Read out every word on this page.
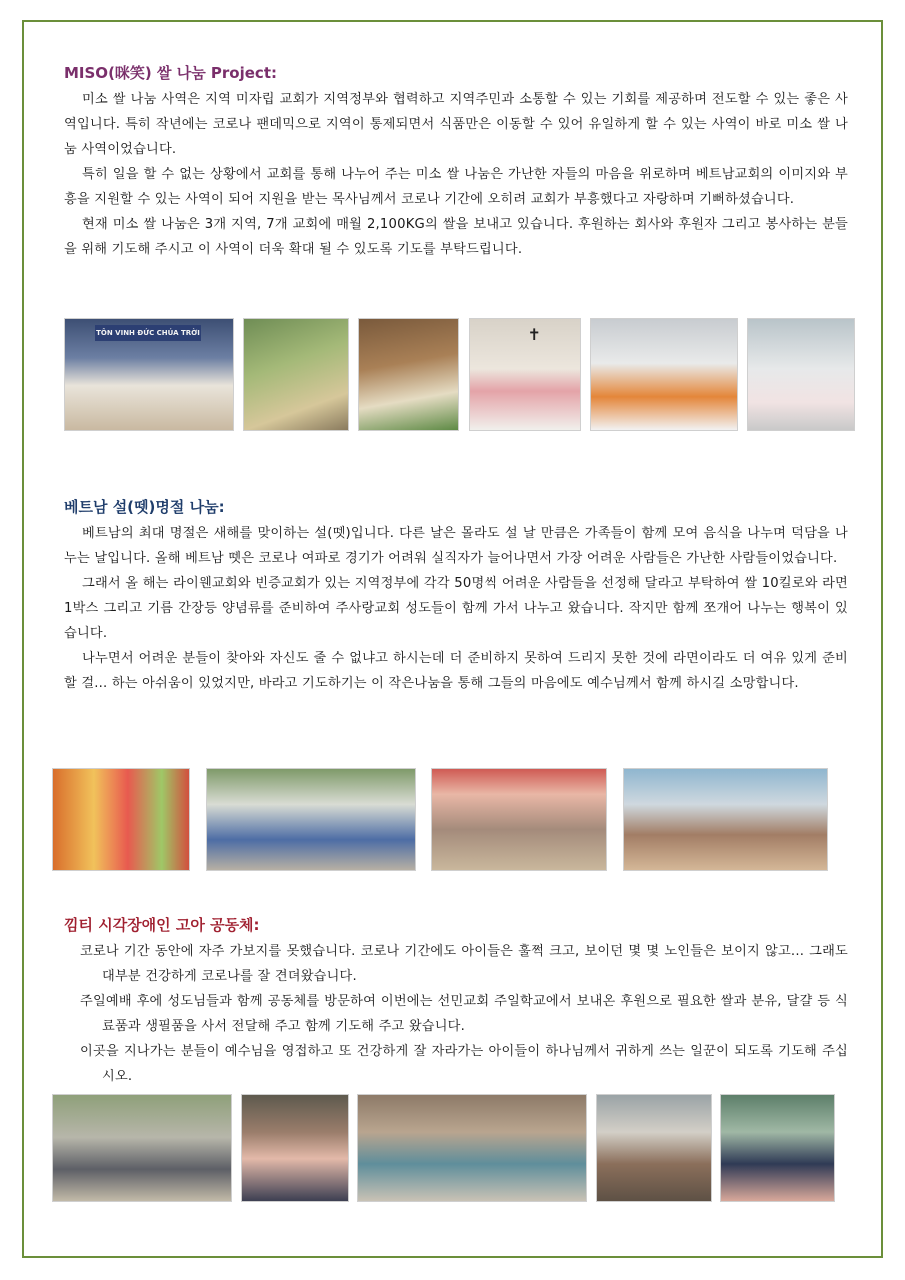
MISO(咪笑) 쌀 나눔 Project:

미소 쌀 나눔 사역은 지역 미자립 교회가 지역정부와 협력하고 지역주민과 소통할 수 있는 기회를 제공하며 전도할 수 있는 좋은 사역입니다. 특히 작년에는 코로나 팬데믹으로 지역이 통제되면서 식품만은 이동할 수 있어 유일하게 할 수 있는 사역이 바로 미소 쌀 나눔 사역이었습니다.

특히 일을 할 수 없는 상황에서 교회를 통해 나누어 주는 미소 쌀 나눔은 가난한 자들의 마음을 위로하며 베트남교회의 이미지와 부흥을 지원할 수 있는 사역이 되어 지원을 받는 목사님께서 코로나 기간에 오히려 교회가 부흥했다고 자랑하며 기뻐하셨습니다.

현재 미소 쌀 나눔은 3개 지역, 7개 교회에 매월 2,100KG의 쌀을 보내고 있습니다. 후원하는 회사와 후원자 그리고 봉사하는 분들을 위해 기도해 주시고 이 사역이 더욱 확대 될 수 있도록 기도를 부탁드립니다.

TÔN VINH ĐỨC CHÚA TRỜI	✝
베트남 설(뗏)명절 나눔:

베트남의 최대 명절은 새해를 맞이하는 설(뗏)입니다. 다른 날은 몰라도 설 날 만큼은 가족들이 함께 모여 음식을 나누며 덕담을 나누는 날입니다. 올해 베트남 뗏은 코로나 여파로 경기가 어려워 실직자가 늘어나면서 가장 어려운 사람들은 가난한 사람들이었습니다.

그래서 올 해는 라이웬교회와 빈증교회가 있는 지역정부에 각각 50명씩 어려운 사람들을 선정해 달라고 부탁하여 쌀 10킬로와 라면 1박스 그리고 기름 간장등 양념류를 준비하여 주사랑교회 성도들이 함께 가서 나누고 왔습니다. 작지만 함께 쪼개어 나누는 행복이 있습니다.

나누면서 어려운 분들이 찾아와 자신도 줄 수 없냐고 하시는데 더 준비하지 못하여 드리지 못한 것에 라면이라도 더 여유 있게 준비할 걸... 하는 아쉬움이 있었지만, 바라고 기도하기는 이 작은나눔을 통해 그들의 마음에도 예수님께서 함께 하시길 소망합니다.

낌티 시각장애인 고아 공동체:

코로나 기간 동안에 자주 가보지를 못했습니다. 코로나 기간에도 아이들은 훌쩍 크고, 보이던 몇 몇 노인들은 보이지 않고... 그래도 대부분 건강하게 코로나를 잘 견뎌왔습니다.

주일예배 후에 성도님들과 함께 공동체를 방문하여 이번에는 선민교회 주일학교에서 보내온 후원으로 필요한 쌀과 분유, 달걀 등 식료품과 생필품을 사서 전달해 주고 함께 기도해 주고 왔습니다.

이곳을 지나가는 분들이 예수님을 영접하고 또 건강하게 잘 자라가는 아이들이 하나님께서 귀하게 쓰는 일꾼이 되도록 기도해 주십시오.
